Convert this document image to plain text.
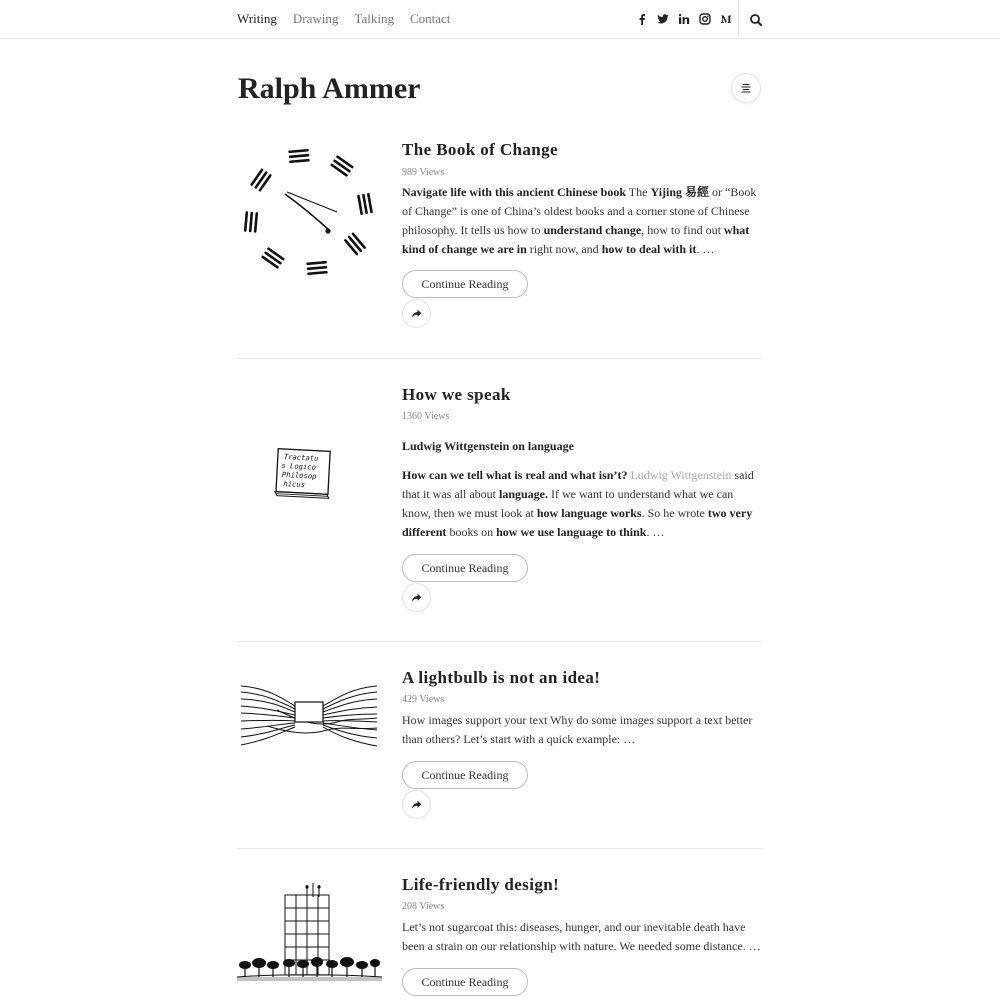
Writing Drawing Talking Contact
Ralph Ammer
The Book of Change
989 Views

Navigate life with this ancient Chinese book The Yijing 易經 or “Book of Change” is one of China’s oldest books and a corner stone of Chinese philosophy. It tells us how to understand change, how to find out what kind of change we are in right now, and how to deal with it. …

Continue Reading
Tractatu
s Logico
Philosop
hicus
How we speak
1360 Views

Ludwig Wittgenstein on language

How can we tell what is real and what isn’t? Ludwig Wittgenstein said that it was all about language. If we want to understand what we can know, then we must look at how language works. So he wrote two very different books on how we use language to think. …

Continue Reading
A lightbulb is not an idea!
429 Views

How images support your text Why do some images support a text better than others? Let’s start with a quick example: …

Continue Reading
Life-friendly design!
208 Views

Let’s not sugarcoat this: diseases, hunger, and our inevitable death have been a strain on our relationship with nature. We needed some distance. …

Continue Reading
